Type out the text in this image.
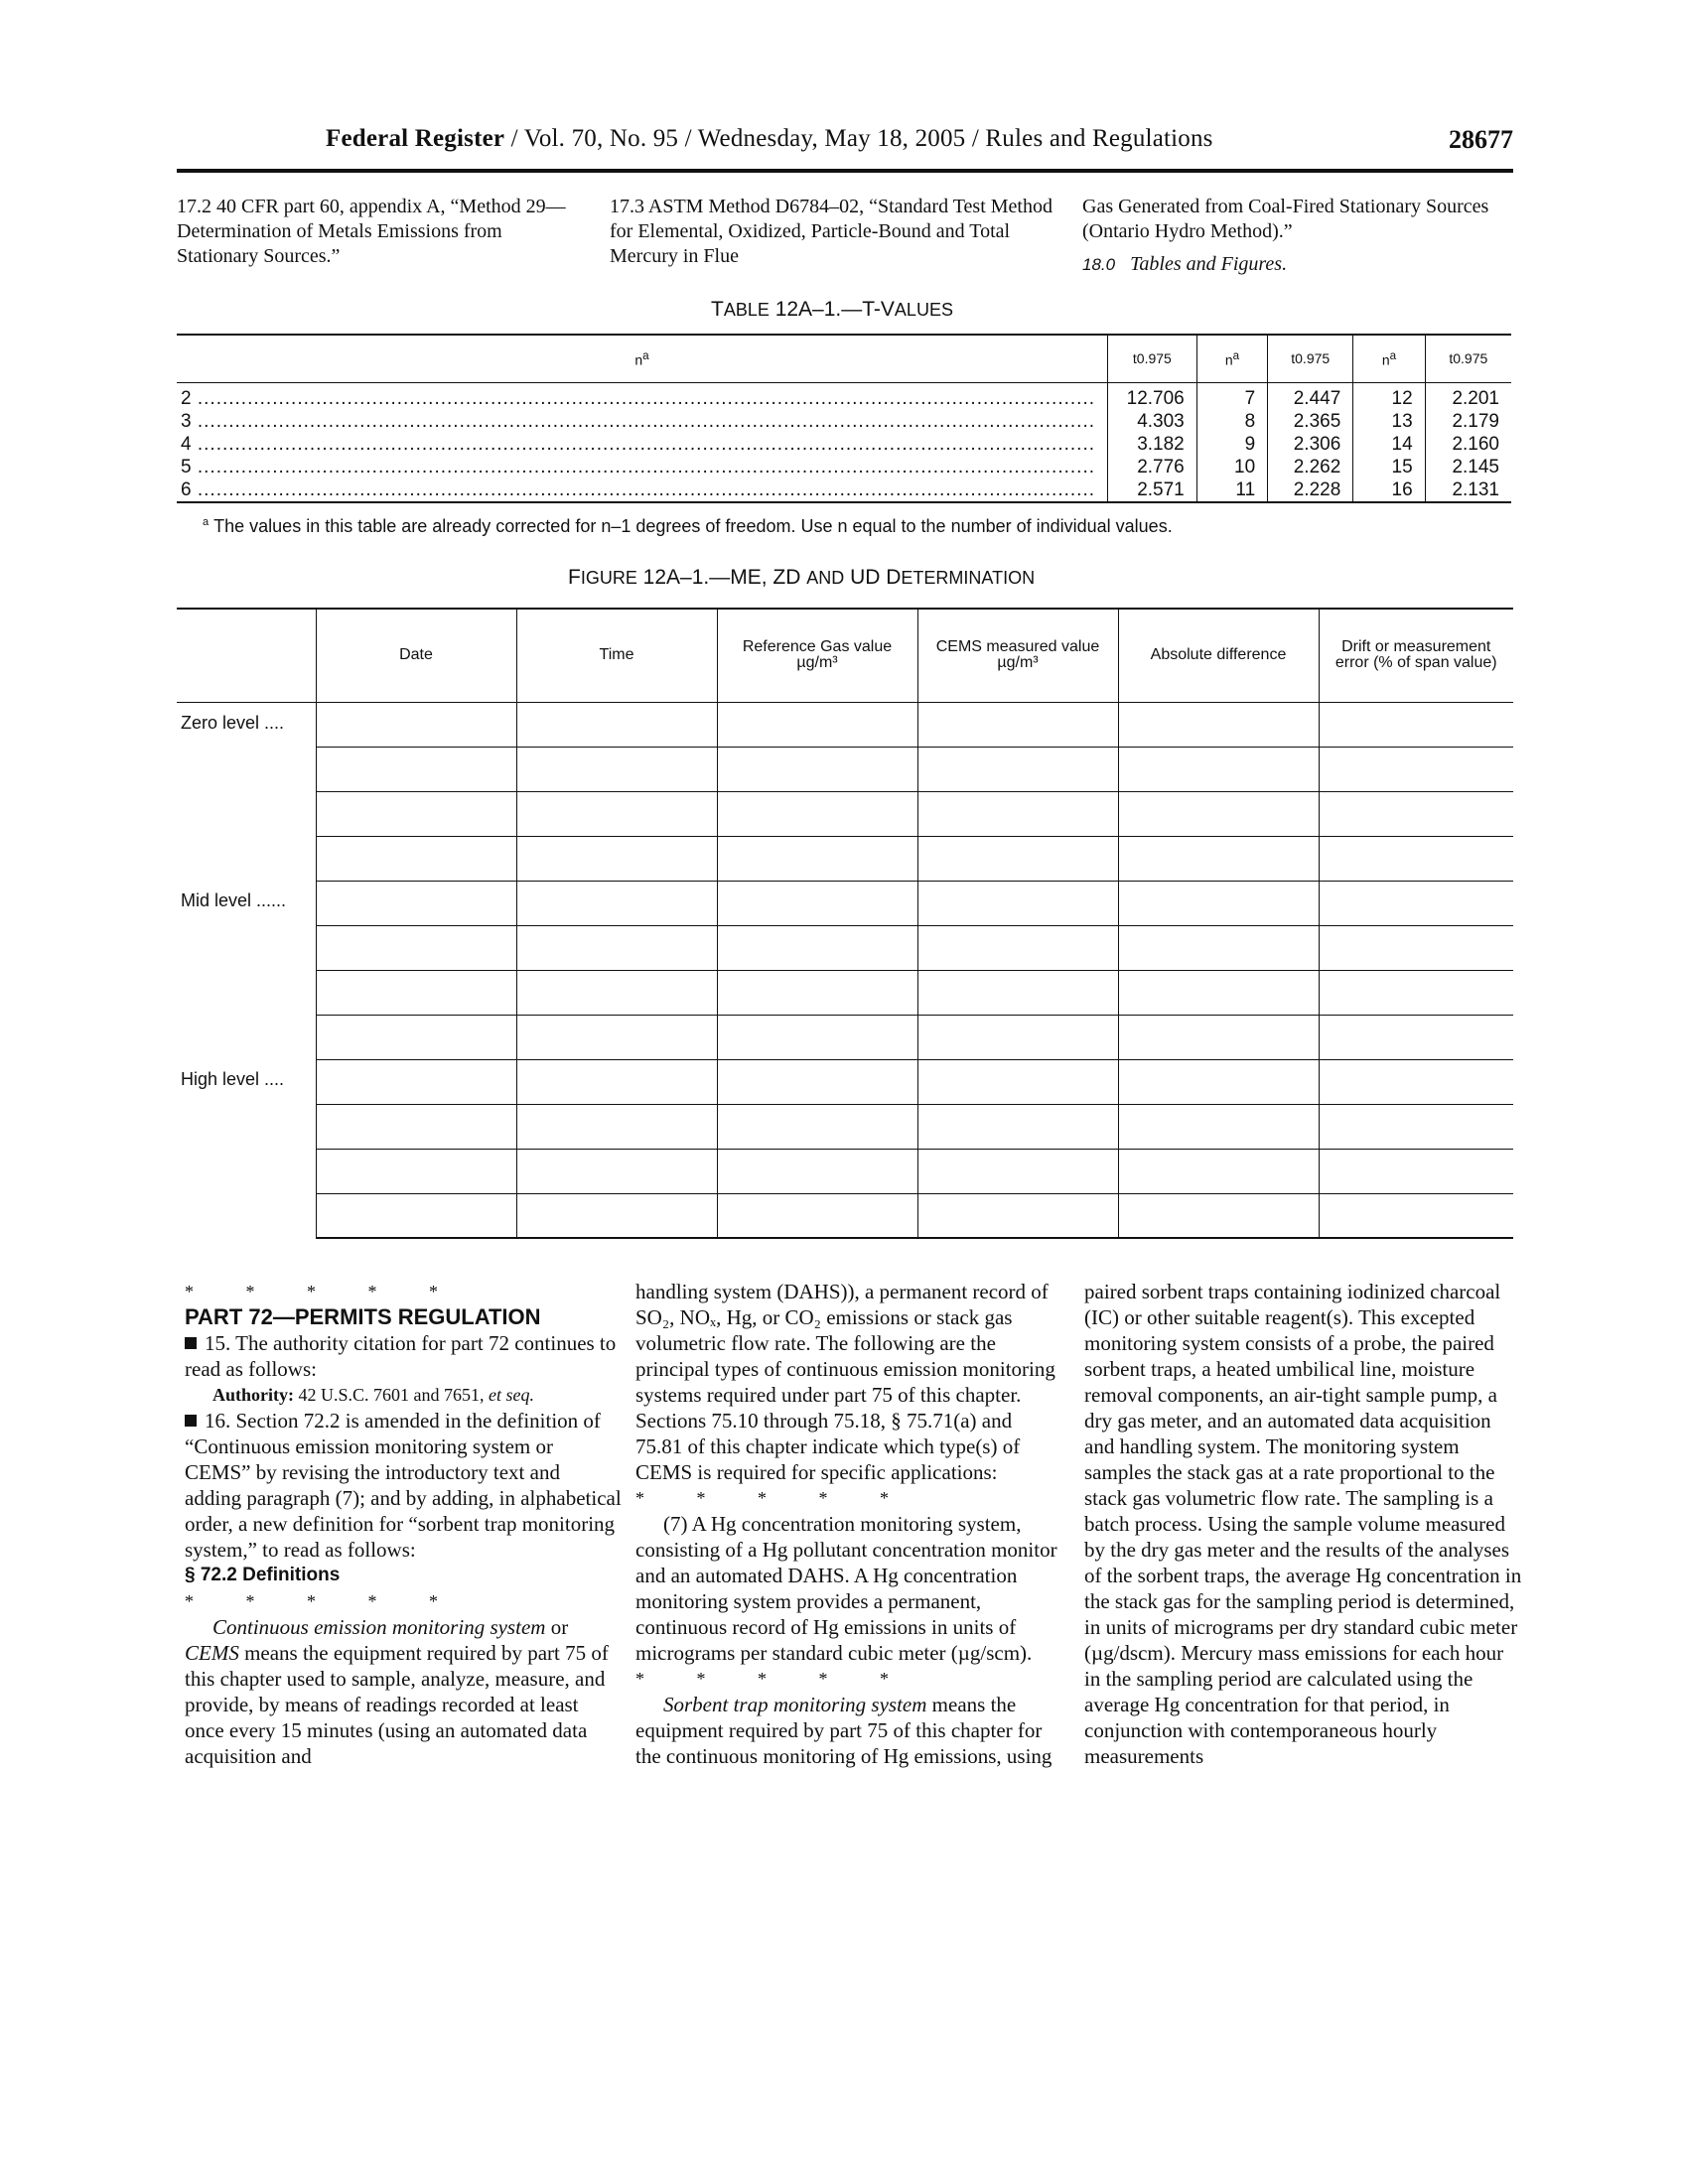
Federal Register / Vol. 70, No. 95 / Wednesday, May 18, 2005 / Rules and Regulations	28677

17.2 40 CFR part 60, appendix A, “Method 29—Determination of Metals Emissions from Stationary Sources.”

17.3 ASTM Method D6784–02, “Standard Test Method for Elemental, Oxidized, Particle-Bound and Total Mercury in Flue

Gas Generated from Coal-Fired Stationary Sources (Ontario Hydro Method).”

18.0 Tables and Figures.

TABLE 12A–1.—T-VALUES
$n^a$	t0.975	$n^a$	t0.975	$n^a$	t0.975
2 ................................................................................................................................................	12.706	7	2.447	12	2.201
3 ................................................................................................................................................	4.303	8	2.365	13	2.179
4 ................................................................................................................................................	3.182	9	2.306	14	2.160
5 ................................................................................................................................................	2.776	10	2.262	15	2.145
6 ................................................................................................................................................	2.571	11	2.228	16	2.131
$^a$ The values in this table are already corrected for n–1 degrees of freedom. Use n equal to the number of individual values.
FIGURE 12A–1.—ME, ZD AND UD DETERMINATION
	Date	Time	Reference Gas value µg/m³	CEMS measured value µg/m³	Absolute difference	Drift or measurement error (% of span value)
Zero level ....						

Mid level ......						

High level ....						

* * * * *

PART 72—PERMITS REGULATION

15. The authority citation for part 72 continues to read as follows:

Authority: 42 U.S.C. 7601 and 7651, et seq.

16. Section 72.2 is amended in the definition of “Continuous emission monitoring system or CEMS” by revising the introductory text and adding paragraph (7); and by adding, in alphabetical order, a new definition for “sorbent trap monitoring system,” to read as follows:

§ 72.2 Definitions

* * * * *

Continuous emission monitoring system or CEMS means the equipment required by part 75 of this chapter used to sample, analyze, measure, and provide, by means of readings recorded at least once every 15 minutes (using an automated data acquisition and

handling system (DAHS)), a permanent record of SO₂, NOₓ, Hg, or CO₂ emissions or stack gas volumetric flow rate. The following are the principal types of continuous emission monitoring systems required under part 75 of this chapter. Sections 75.10 through 75.18, § 75.71(a) and 75.81 of this chapter indicate which type(s) of CEMS is required for specific applications:

* * * * *

(7) A Hg concentration monitoring system, consisting of a Hg pollutant concentration monitor and an automated DAHS. A Hg concentration monitoring system provides a permanent, continuous record of Hg emissions in units of micrograms per standard cubic meter (µg/scm).

* * * * *

Sorbent trap monitoring system means the equipment required by part 75 of this chapter for the continuous monitoring of Hg emissions, using

paired sorbent traps containing iodinized charcoal (IC) or other suitable reagent(s). This excepted monitoring system consists of a probe, the paired sorbent traps, a heated umbilical line, moisture removal components, an air-tight sample pump, a dry gas meter, and an automated data acquisition and handling system. The monitoring system samples the stack gas at a rate proportional to the stack gas volumetric flow rate. The sampling is a batch process. Using the sample volume measured by the dry gas meter and the results of the analyses of the sorbent traps, the average Hg concentration in the stack gas for the sampling period is determined, in units of micrograms per dry standard cubic meter (µg/dscm). Mercury mass emissions for each hour in the sampling period are calculated using the average Hg concentration for that period, in conjunction with contemporaneous hourly measurements
